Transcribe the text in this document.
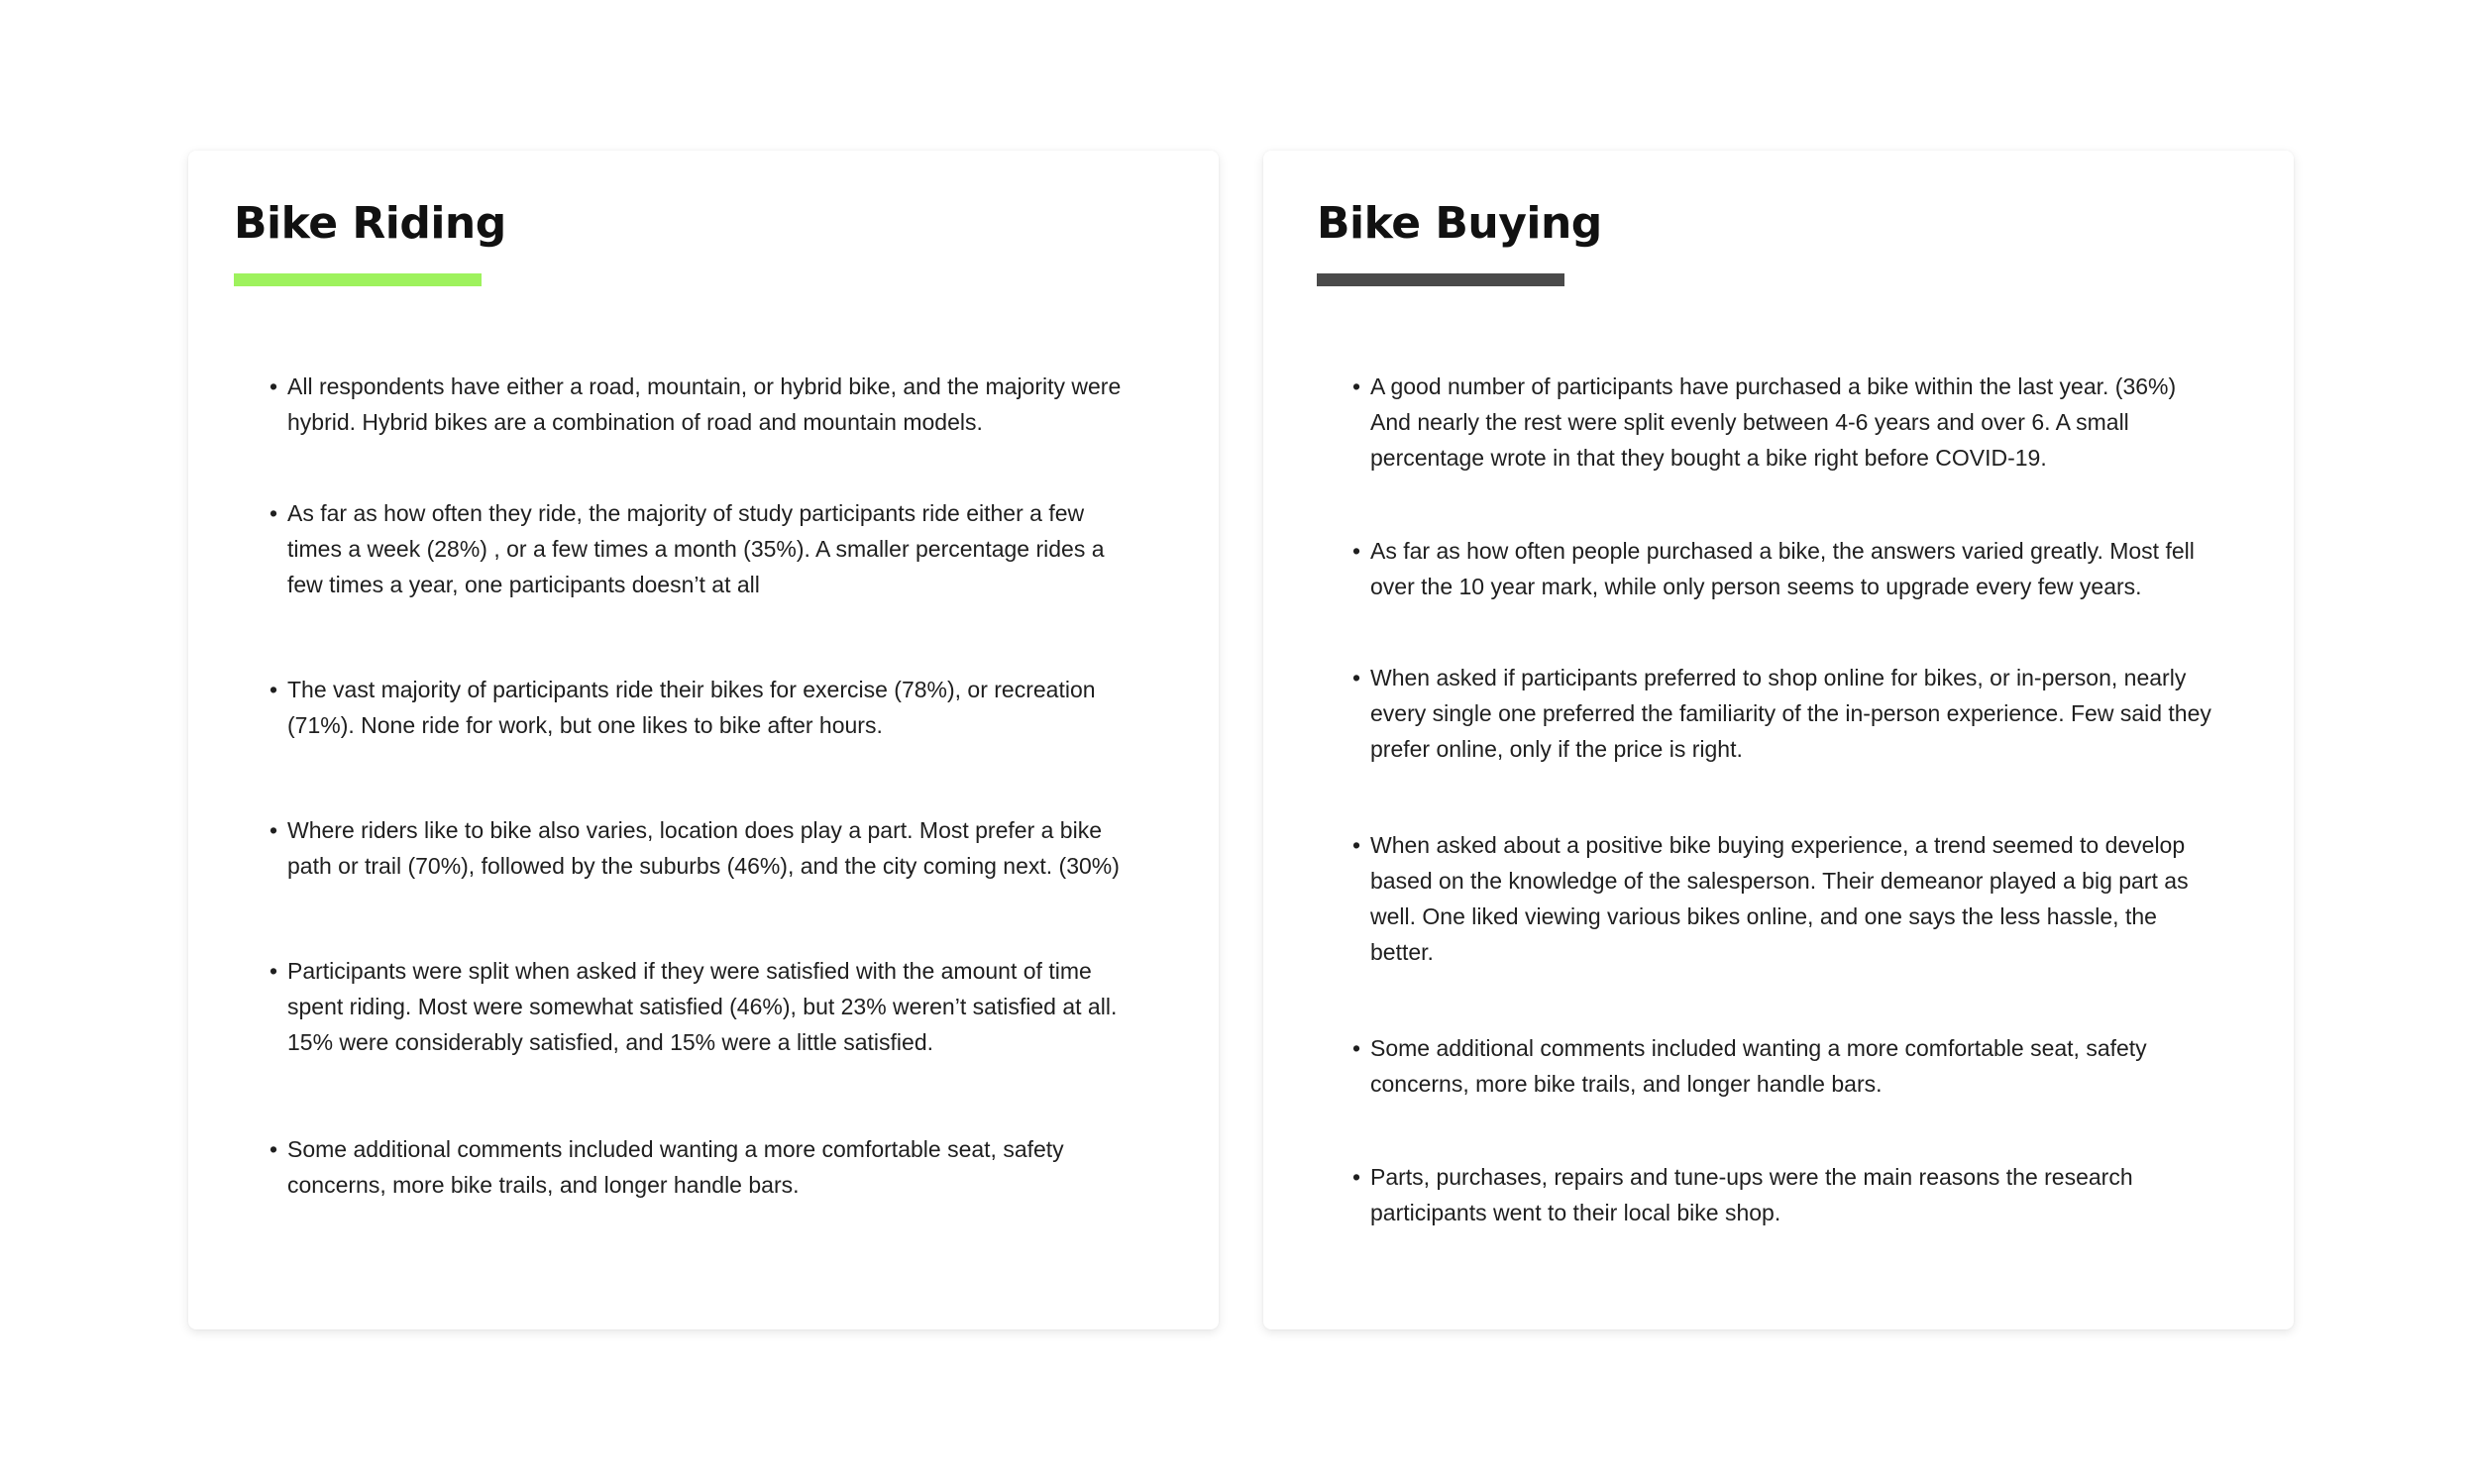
Bike Riding
• All respondents have either a road, mountain, or hybrid bike, and the majority were hybrid. Hybrid bikes are a combination of road and mountain models.
• As far as how often they ride, the majority of study participants ride either a few times a week (28%) , or a few times a month (35%). A smaller percentage rides a few times a year, one participants doesn’t at all
• The vast majority of participants ride their bikes for exercise (78%), or recreation (71%). None ride for work, but one likes to bike after hours.
• Where riders like to bike also varies, location does play a part. Most prefer a bike path or trail (70%), followed by the suburbs (46%), and the city coming next. (30%)
• Participants were split when asked if they were satisfied with the amount of time spent riding. Most were somewhat satisfied (46%), but 23% weren’t satisfied at all. 15% were considerably satisfied, and 15% were a little satisfied.
• Some additional comments included wanting a more comfortable seat, safety concerns, more bike trails, and longer handle bars.
Bike Buying
• A good number of participants have purchased a bike within the last year. (36%) And nearly the rest were split evenly between 4-6 years and over 6. A small percentage wrote in that they bought a bike right before COVID-19.
• As far as how often people purchased a bike, the answers varied greatly. Most fell over the 10 year mark, while only person seems to upgrade every few years.
• When asked if participants preferred to shop online for bikes, or in-person, nearly every single one preferred the familiarity of the in-person experience. Few said they prefer online, only if the price is right.
• When asked about a positive bike buying experience, a trend seemed to develop based on the knowledge of the salesperson. Their demeanor played a big part as well. One liked viewing various bikes online, and one says the less hassle, the better.
• Some additional comments included wanting a more comfortable seat, safety concerns, more bike trails, and longer handle bars.
• Parts, purchases, repairs and tune-ups were the main reasons the research participants went to their local bike shop.
